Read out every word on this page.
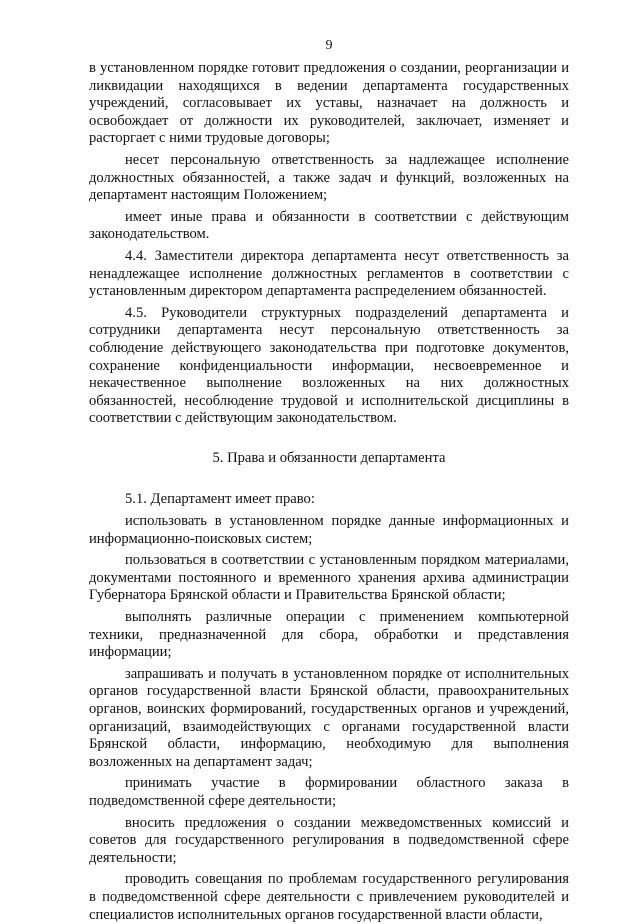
9

в установленном порядке готовит предложения о создании, реорганизации и ликвидации находящихся в ведении департамента государственных учреждений, согласовывает их уставы, назначает на должность и освобождает от должности их руководителей, заключает, изменяет и расторгает с ними трудовые договоры;

несет персональную ответственность за надлежащее исполнение должностных обязанностей, а также задач и функций, возложенных на департамент настоящим Положением;

имеет иные права и обязанности в соответствии с действующим законодательством.

4.4. Заместители директора департамента несут ответственность за ненадлежащее исполнение должностных регламентов в соответствии с установленным директором департамента распределением обязанностей.

4.5. Руководители структурных подразделений департамента и сотрудники департамента несут персональную ответственность за соблюдение действующего законодательства при подготовке документов, сохранение конфиденциальности информации, несвоевременное и некачественное выполнение возложенных на них должностных обязанностей, несоблюдение трудовой и исполнительской дисциплины в соответствии с действующим законодательством.

5. Права и обязанности департамента

5.1. Департамент имеет право:

использовать в установленном порядке данные информационных и информационно-поисковых систем;

пользоваться в соответствии с установленным порядком материалами, документами постоянного и временного хранения архива администрации Губернатора Брянской области и Правительства Брянской области;

выполнять различные операции с применением компьютерной техники, предназначенной для сбора, обработки и представления информации;

запрашивать и получать в установленном порядке от исполнительных органов государственной власти Брянской области, правоохранительных органов, воинских формирований, государственных органов и учреждений, организаций, взаимодействующих с органами государственной власти Брянской области, информацию, необходимую для выполнения возложенных на департамент задач;

принимать участие в формировании областного заказа в подведомственной сфере деятельности;

вносить предложения о создании межведомственных комиссий и советов для государственного регулирования в подведомственной сфере деятельности;

проводить совещания по проблемам государственного регулирования в подведомственной сфере деятельности с привлечением руководителей и специалистов исполнительных органов государственной власти области,
